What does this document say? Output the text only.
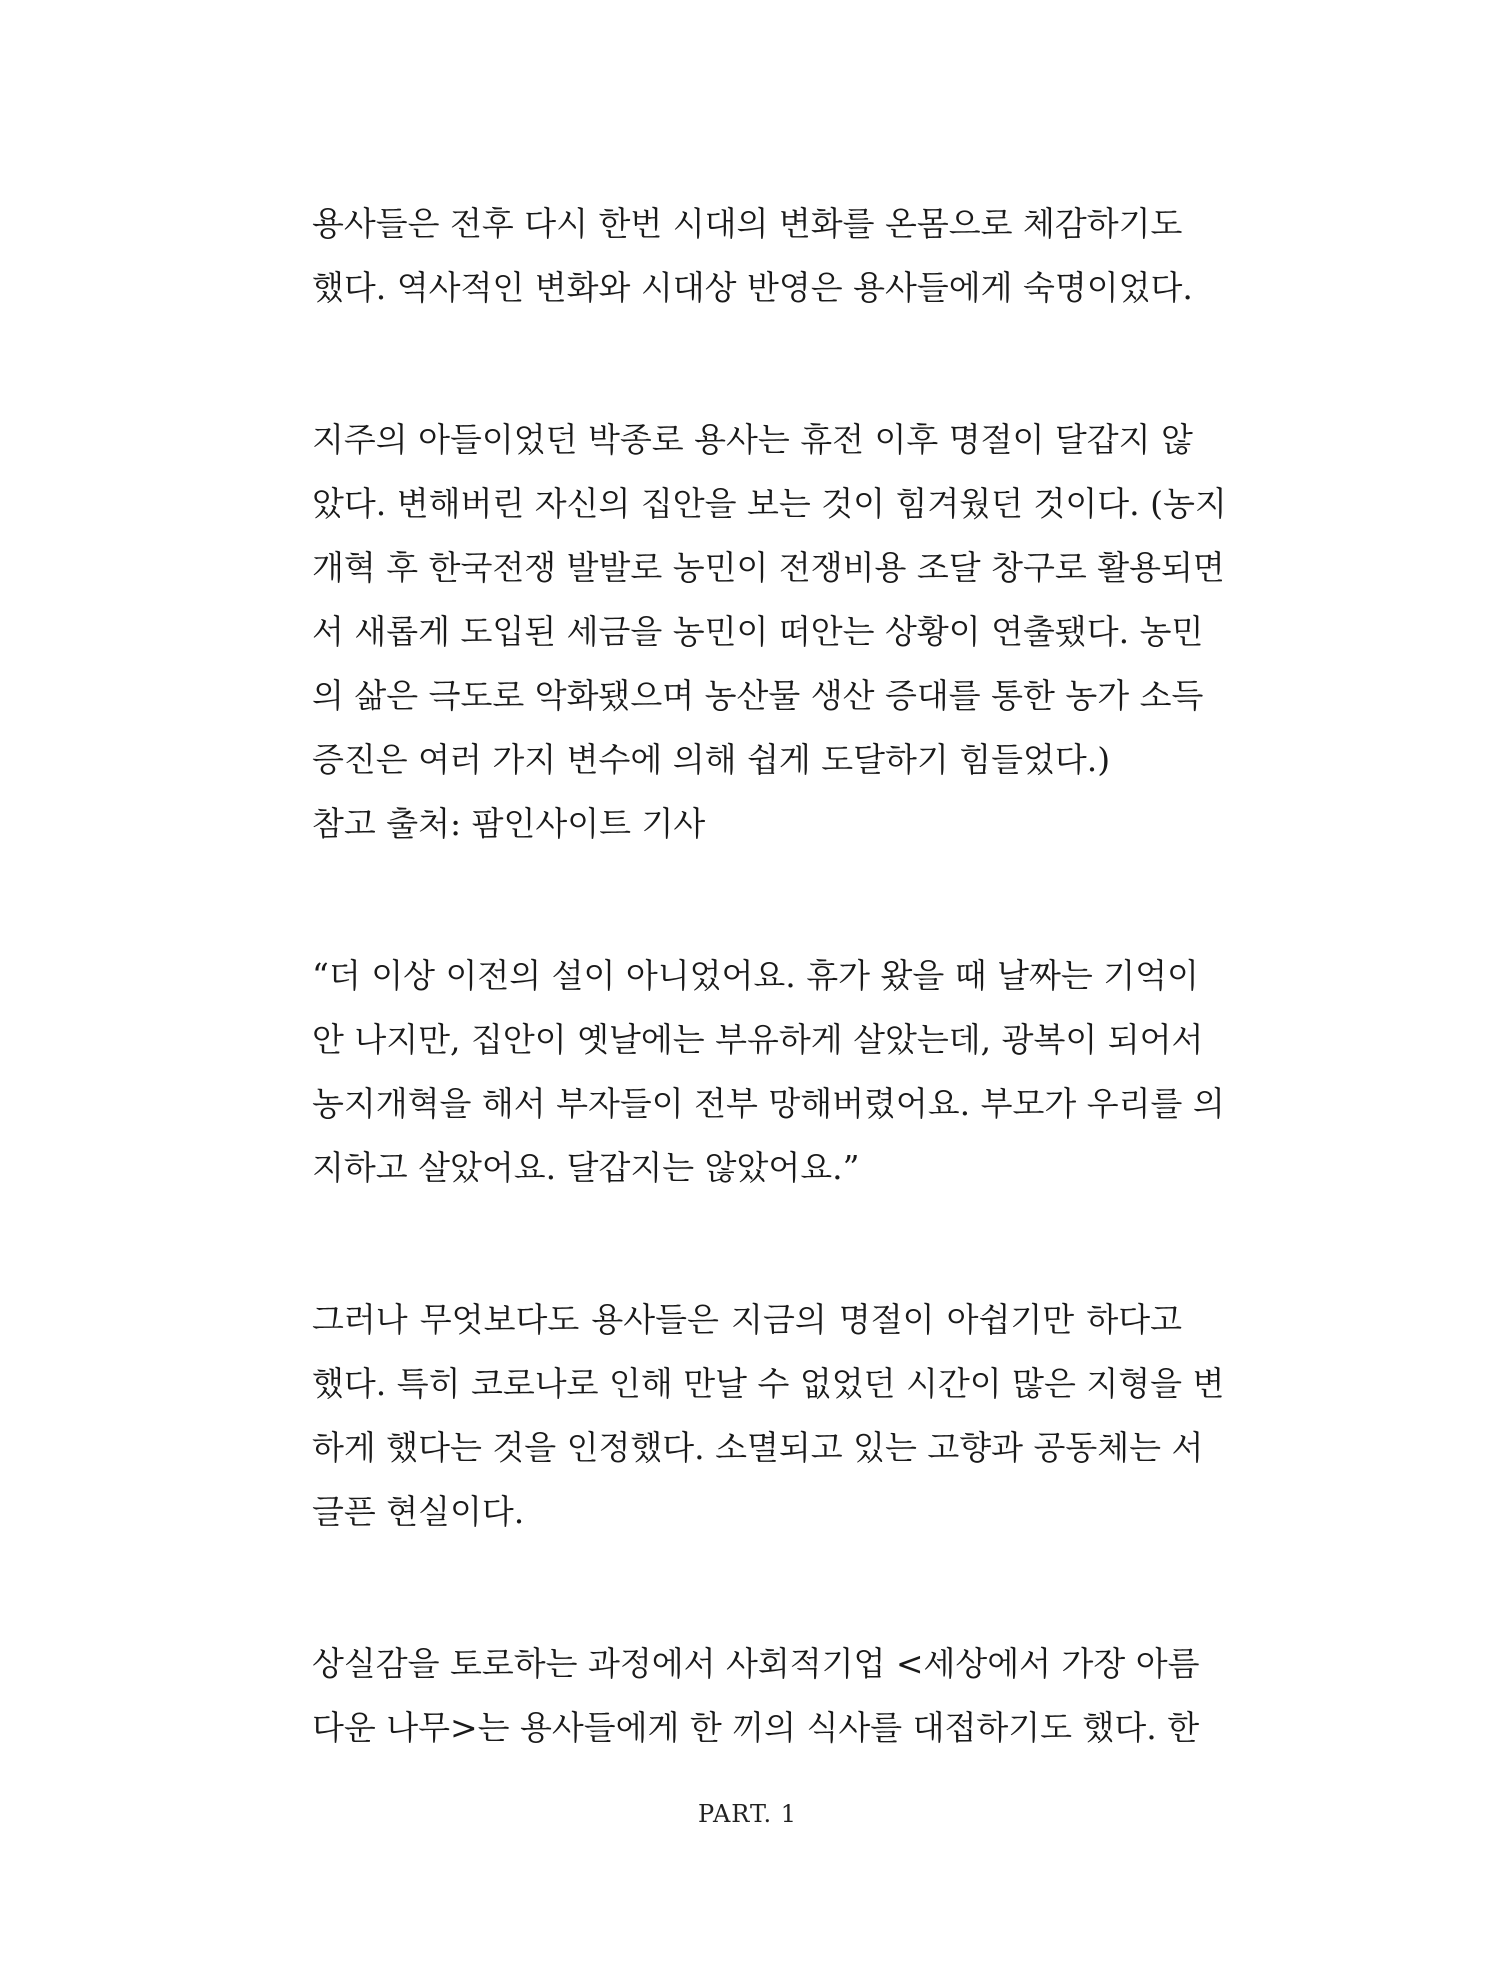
용사들은 전후 다시 한번 시대의 변화를 온몸으로 체감하기도
했다. 역사적인 변화와 시대상 반영은 용사들에게 숙명이었다.
지주의 아들이었던 박종로 용사는 휴전 이후 명절이 달갑지 않
았다. 변해버린 자신의 집안을 보는 것이 힘겨웠던 것이다. (농지
개혁 후 한국전쟁 발발로 농민이 전쟁비용 조달 창구로 활용되면
서 새롭게 도입된 세금을 농민이 떠안는 상황이 연출됐다. 농민
의 삶은 극도로 악화됐으며 농산물 생산 증대를 통한 농가 소득
증진은 여러 가지 변수에 의해 쉽게 도달하기 힘들었다.)
참고 출처: 팜인사이트 기사
“더 이상 이전의 설이 아니었어요. 휴가 왔을 때 날짜는 기억이
안 나지만, 집안이 옛날에는 부유하게 살았는데, 광복이 되어서
농지개혁을 해서 부자들이 전부 망해버렸어요. 부모가 우리를 의
지하고 살았어요. 달갑지는 않았어요.”
그러나 무엇보다도 용사들은 지금의 명절이 아쉽기만 하다고
했다. 특히 코로나로 인해 만날 수 없었던 시간이 많은 지형을 변
하게 했다는 것을 인정했다. 소멸되고 있는 고향과 공동체는 서
글픈 현실이다.
상실감을 토로하는 과정에서 사회적기업 <세상에서 가장 아름
다운 나무>는 용사들에게 한 끼의 식사를 대접하기도 했다. 한
PART. 1
